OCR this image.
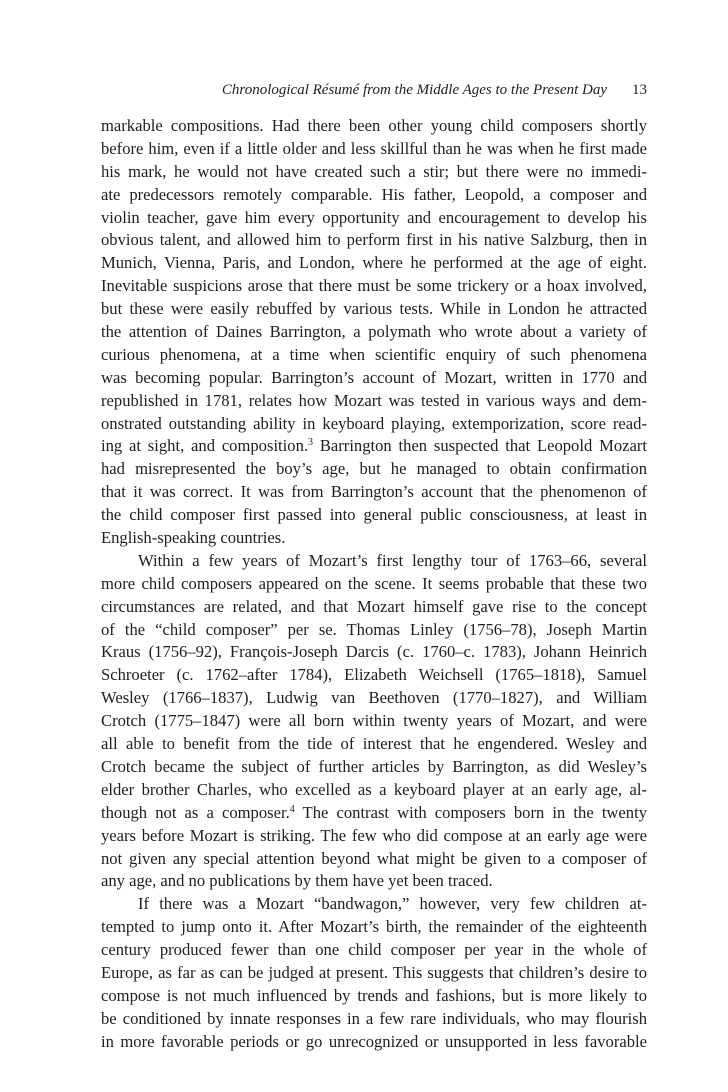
Chronological Résumé from the Middle Ages to the Present Day 13
markable compositions. Had there been other young child composers shortly
before him, even if a little older and less skillful than he was when he first made
his mark, he would not have created such a stir; but there were no immedi-
ate predecessors remotely comparable. His father, Leopold, a composer and
violin teacher, gave him every opportunity and encouragement to develop his
obvious talent, and allowed him to perform first in his native Salzburg, then in
Munich, Vienna, Paris, and London, where he performed at the age of eight.
Inevitable suspicions arose that there must be some trickery or a hoax involved,
but these were easily rebuffed by various tests. While in London he attracted
the attention of Daines Barrington, a polymath who wrote about a variety of
curious phenomena, at a time when scientific enquiry of such phenomena
was becoming popular. Barrington’s account of Mozart, written in 1770 and
republished in 1781, relates how Mozart was tested in various ways and dem-
onstrated outstanding ability in keyboard playing, extemporization, score read-
ing at sight, and composition.$^3$ Barrington then suspected that Leopold Mozart
had misrepresented the boy’s age, but he managed to obtain confirmation
that it was correct. It was from Barrington’s account that the phenomenon of
the child composer first passed into general public consciousness, at least in
English-speaking countries.
Within a few years of Mozart’s first lengthy tour of 1763–66, several
more child composers appeared on the scene. It seems probable that these two
circumstances are related, and that Mozart himself gave rise to the concept
of the “child composer” per se. Thomas Linley (1756–78), Joseph Martin
Kraus (1756–92), François-Joseph Darcis (c. 1760–c. 1783), Johann Heinrich
Schroeter (c. 1762–after 1784), Elizabeth Weichsell (1765–1818), Samuel
Wesley (1766–1837), Ludwig van Beethoven (1770–1827), and William
Crotch (1775–1847) were all born within twenty years of Mozart, and were
all able to benefit from the tide of interest that he engendered. Wesley and
Crotch became the subject of further articles by Barrington, as did Wesley’s
elder brother Charles, who excelled as a keyboard player at an early age, al-
though not as a composer.$^4$ The contrast with composers born in the twenty
years before Mozart is striking. The few who did compose at an early age were
not given any special attention beyond what might be given to a composer of
any age, and no publications by them have yet been traced.
If there was a Mozart “bandwagon,” however, very few children at-
tempted to jump onto it. After Mozart’s birth, the remainder of the eighteenth
century produced fewer than one child composer per year in the whole of
Europe, as far as can be judged at present. This suggests that children’s desire to
compose is not much influenced by trends and fashions, but is more likely to
be conditioned by innate responses in a few rare individuals, who may flourish
in more favorable periods or go unrecognized or unsupported in less favorable
